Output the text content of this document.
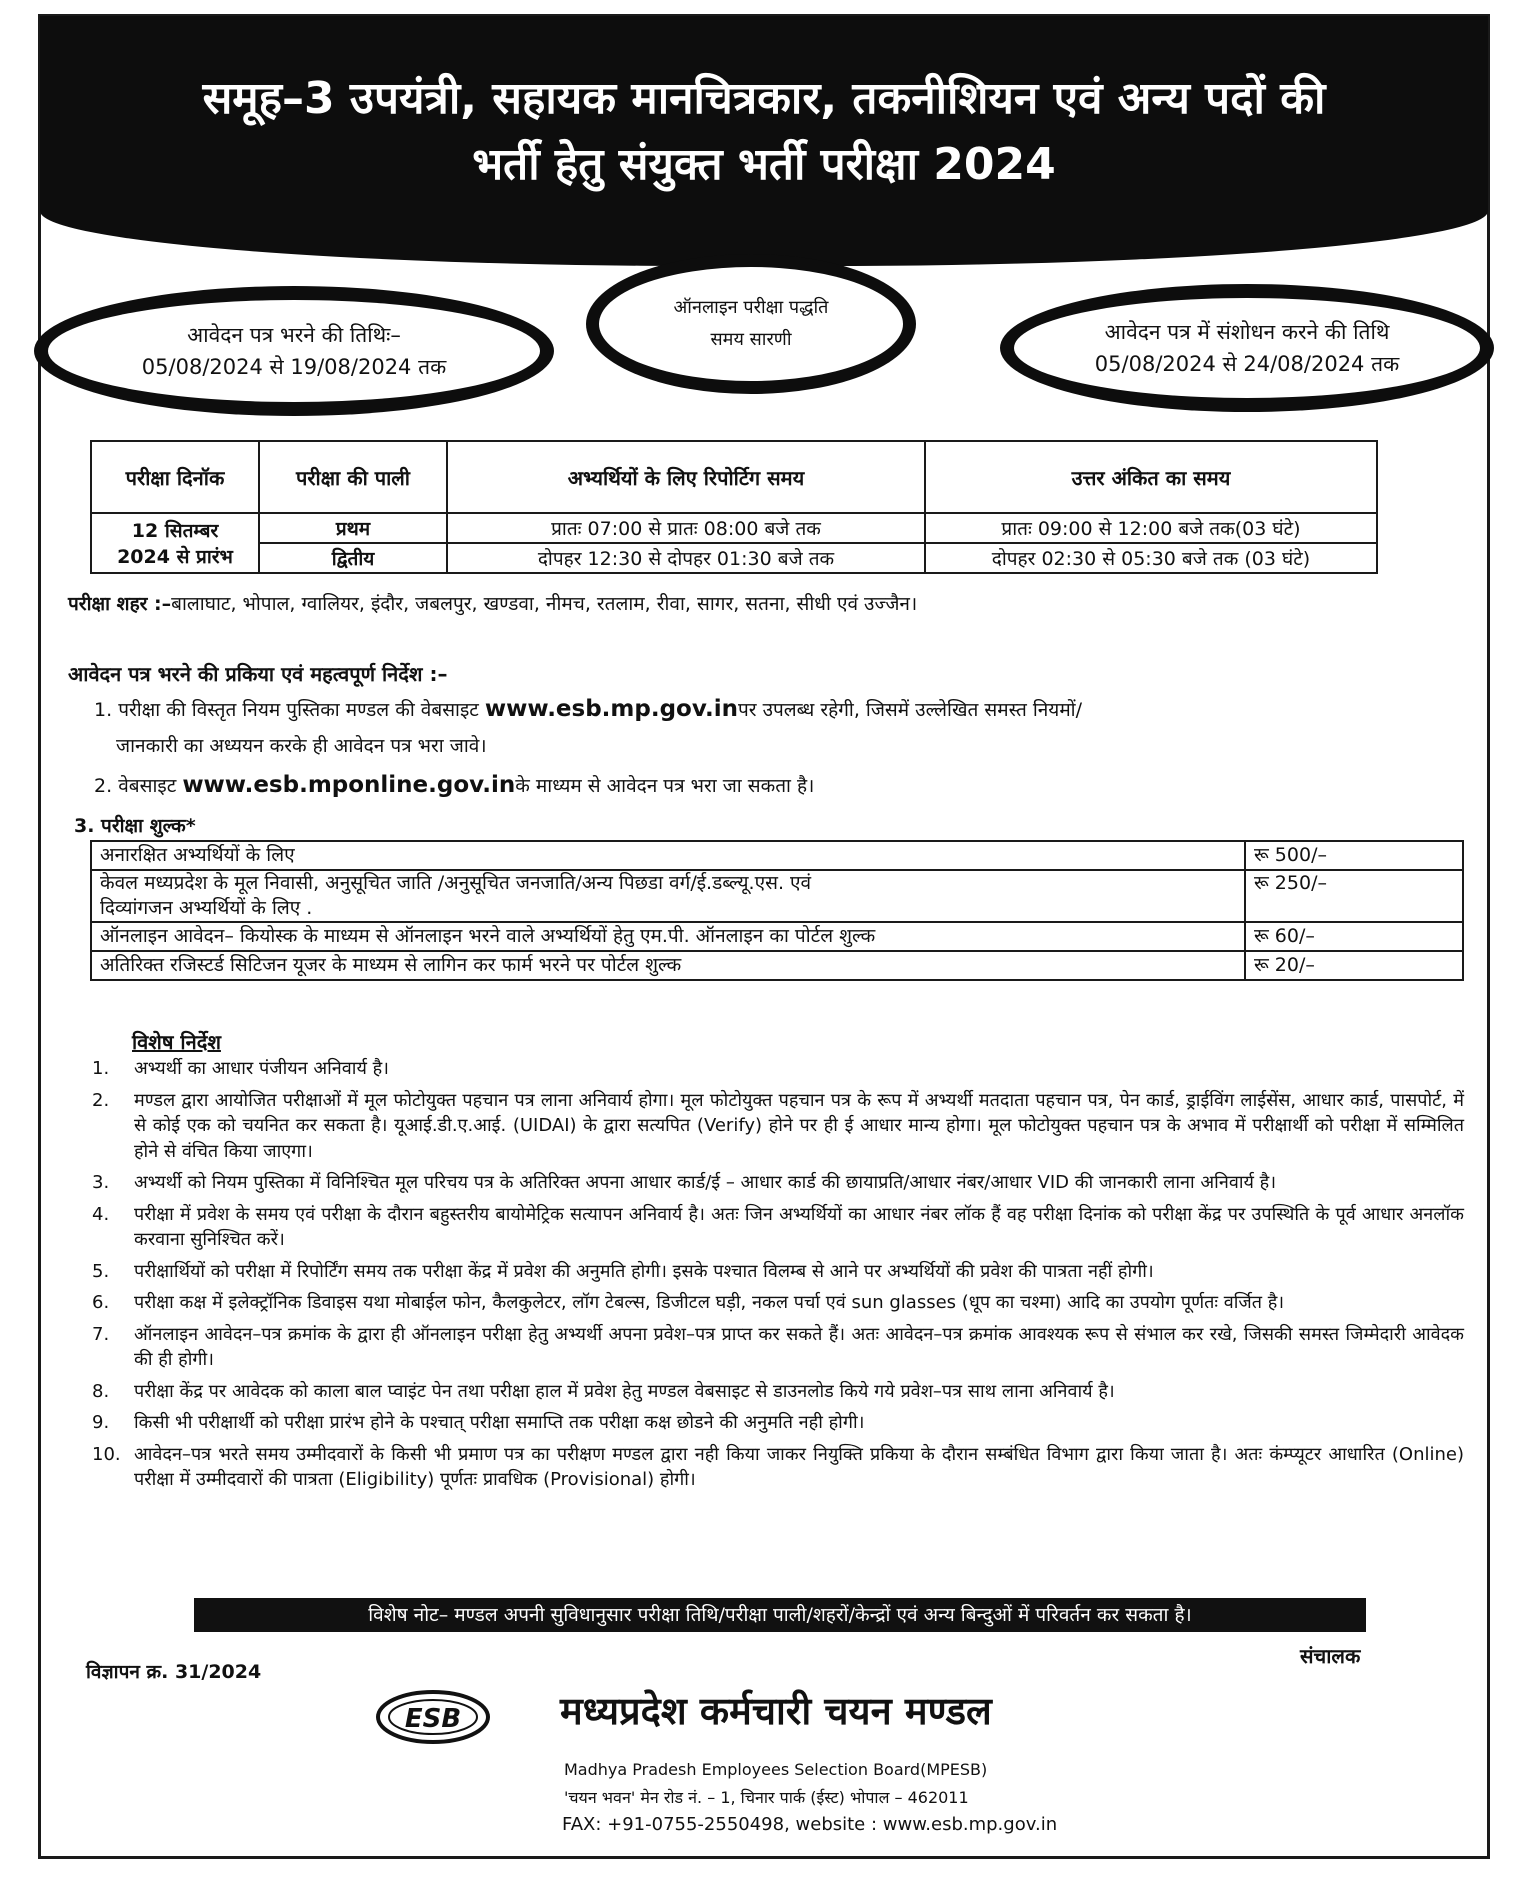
समूह–3 उपयंत्री, सहायक मानचित्रकार, तकनीशियन एवं अन्य पदों की
भर्ती हेतु संयुक्त भर्ती परीक्षा 2024
आवेदन पत्र भरने की तिथिः–
05/08/2024 से 19/08/2024 तक
ऑनलाइन परीक्षा पद्धति
समय सारणी	आवेदन पत्र में संशोधन करने की तिथि
05/08/2024 से 24/08/2024 तक
परीक्षा दिनॉक	परीक्षा की पाली	अभ्यर्थियों के लिए रिपोर्टिग समय	उत्तर अंकित का समय

12 सितम्बर
2024 से प्रारंभ	प्रथम	प्रातः 07:00 से प्रातः 08:00 बजे तक	प्रातः 09:00 से 12:00 बजे तक(03 घंटे)
	द्वितीय	दोपहर 12:30 से दोपहर 01:30 बजे तक	दोपहर 02:30 से 05:30 बजे तक (03 घंटे)
परीक्षा शहर :–बालाघाट, भोपाल, ग्वालियर, इंदौर, जबलपुर, खण्डवा, नीमच, रतलाम, रीवा, सागर, सतना, सीधी एवं उज्जैन।
आवेदन पत्र भरने की प्रकिया एवं महत्वपूर्ण निर्देश :–
1. परीक्षा की विस्तृत नियम पुस्तिका मण्डल की वेबसाइट www.esb.mp.gov.inपर उपलब्ध रहेगी, जिसमें उल्लेखित समस्त नियमों/
जानकारी का अध्ययन करके ही आवेदन पत्र भरा जावे।
2. वेबसाइट www.esb.mponline.gov.inके माध्यम से आवेदन पत्र भरा जा सकता है।
3. परीक्षा शुल्क*
अनारक्षित अभ्यर्थियों के लिए	रू 500/–

केवल मध्यप्रदेश के मूल निवासी, अनुसूचित जाति /अनुसूचित जनजाति/अन्य पिछडा वर्ग/ई.डब्ल्यू.एस. एवं
दिव्यांगजन अभ्यर्थियों के लिए .	रू 250/–
ऑनलाइन आवेदन– कियोस्क के माध्यम से ऑनलाइन भरने वाले अभ्यर्थियों हेतु एम.पी. ऑनलाइन का पोर्टल शुल्क	रू 60/–
अतिरिक्त रजिस्टर्ड सिटिजन यूजर के माध्यम से लागिन कर फार्म भरने पर पोर्टल शुल्क	रू 20/–
विशेष निर्देश
1. अभ्यर्थी का आधार पंजीयन अनिवार्य है।
2. मण्डल द्वारा आयोजित परीक्षाओं में मूल फोटोयुक्त पहचान पत्र लाना अनिवार्य होगा। मूल फोटोयुक्त पहचान पत्र के रूप में अभ्यर्थी मतदाता पहचान पत्र, पेन कार्ड, ड्राईविंग लाईसेंस, आधार कार्ड, पासपोर्ट, में से कोई एक को चयनित कर सकता है। यूआई.डी.ए.आई. (UIDAI) के द्वारा सत्यपित (Verify) होने पर ही ई आधार मान्य होगा। मूल फोटोयुक्त पहचान पत्र के अभाव में परीक्षार्थी को परीक्षा में सम्मिलित होने से वंचित किया जाएगा।
3. अभ्यर्थी को नियम पुस्तिका में विनिश्चित मूल परिचय पत्र के अतिरिक्त अपना आधार कार्ड/ई – आधार कार्ड की छायाप्रति/आधार नंबर/आधार VID की जानकारी लाना अनिवार्य है।
4. परीक्षा में प्रवेश के समय एवं परीक्षा के दौरान बहुस्तरीय बायोमेट्रिक सत्यापन अनिवार्य है। अतः जिन अभ्यर्थियों का आधार नंबर लॉक हैं वह परीक्षा दिनांक को परीक्षा केंद्र पर उपस्थिति के पूर्व आधार अनलॉक करवाना सुनिश्चित करें।
5. परीक्षार्थियों को परीक्षा में रिपोर्टिंग समय तक परीक्षा केंद्र में प्रवेश की अनुमति होगी। इसके पश्चात विलम्ब से आने पर अभ्यर्थियों की प्रवेश की पात्रता नहीं होगी।
6. परीक्षा कक्ष में इलेक्ट्रॉनिक डिवाइस यथा मोबाईल फोन, कैलकुलेटर, लॉग टेबल्स, डिजीटल घड़ी, नकल पर्चा एवं sun glasses (धूप का चश्मा) आदि का उपयोग पूर्णतः वर्जित है।
7. ऑनलाइन आवेदन–पत्र क्रमांक के द्वारा ही ऑनलाइन परीक्षा हेतु अभ्यर्थी अपना प्रवेश–पत्र प्राप्त कर सकते हैं। अतः आवेदन–पत्र क्रमांक आवश्यक रूप से संभाल कर रखे, जिसकी समस्त जिम्मेदारी आवेदक की ही होगी।
8. परीक्षा केंद्र पर आवेदक को काला बाल प्वाइंट पेन तथा परीक्षा हाल में प्रवेश हेतु मण्डल वेबसाइट से डाउनलोड किये गये प्रवेश–पत्र साथ लाना अनिवार्य है।
9. किसी भी परीक्षार्थी को परीक्षा प्रारंभ होने के पश्चात् परीक्षा समाप्ति तक परीक्षा कक्ष छोडने की अनुमति नही होगी।
10. आवेदन–पत्र भरते समय उम्मीदवारों के किसी भी प्रमाण पत्र का परीक्षण मण्डल द्वारा नही किया जाकर नियुक्ति प्रकिया के दौरान सम्बंधित विभाग द्वारा किया जाता है। अतः कंम्प्यूटर आधारित (Online) परीक्षा में उम्मीदवारों की पात्रता (Eligibility) पूर्णतः प्रावधिक (Provisional) होगी।
विशेष नोट– मण्डल अपनी सुविधानुसार परीक्षा तिथि/परीक्षा पाली/शहरों/केन्द्रों एवं अन्य बिन्दुओं में परिवर्तन कर सकता है।
विज्ञापन क्र. 31/2024
संचालक
ESB	मध्यप्रदेश कर्मचारी चयन मण्डल
Madhya Pradesh Employees Selection Board(MPESB)
'चयन भवन' मेन रोड नं. – 1, चिनार पार्क (ईस्ट) भोपाल – 462011
FAX: +91-0755-2550498, website : www.esb.mp.gov.in
